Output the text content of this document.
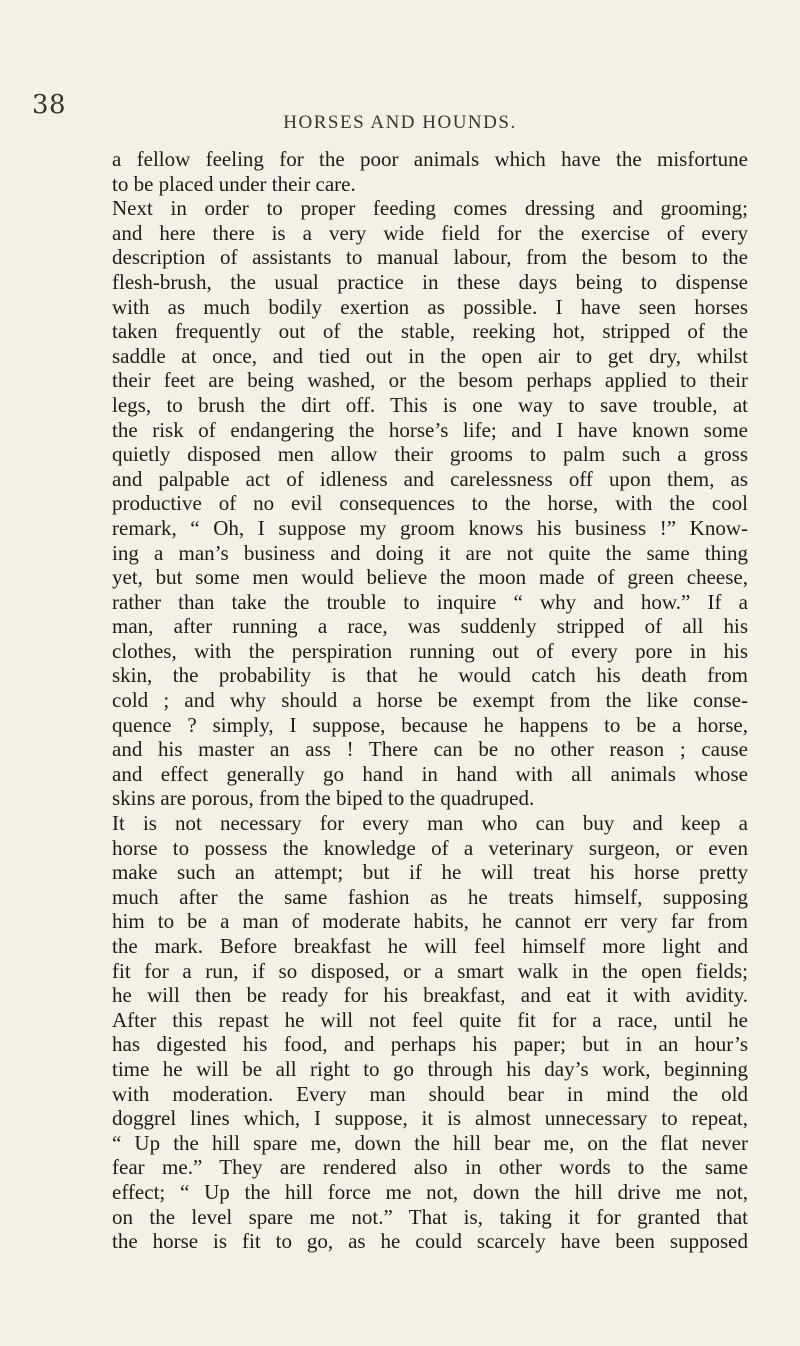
38
HORSES AND HOUNDS.
a fellow feeling for the poor animals which have the misfortune
to be placed under their care.
Next in order to proper feeding comes dressing and grooming;
and here there is a very wide field for the exercise of every
description of assistants to manual labour, from the besom to the
flesh-brush, the usual practice in these days being to dispense
with as much bodily exertion as possible. I have seen horses
taken frequently out of the stable, reeking hot, stripped of the
saddle at once, and tied out in the open air to get dry, whilst
their feet are being washed, or the besom perhaps applied to their
legs, to brush the dirt off. This is one way to save trouble, at
the risk of endangering the horse’s life; and I have known some
quietly disposed men allow their grooms to palm such a gross
and palpable act of idleness and carelessness off upon them, as
productive of no evil consequences to the horse, with the cool
remark, “ Oh, I suppose my groom knows his business !” Know-
ing a man’s business and doing it are not quite the same thing
yet, but some men would believe the moon made of green cheese,
rather than take the trouble to inquire “ why and how.” If a
man, after running a race, was suddenly stripped of all his
clothes, with the perspiration running out of every pore in his
skin, the probability is that he would catch his death from
cold ; and why should a horse be exempt from the like conse-
quence ? simply, I suppose, because he happens to be a horse,
and his master an ass ! There can be no other reason ; cause
and effect generally go hand in hand with all animals whose
skins are porous, from the biped to the quadruped.
It is not necessary for every man who can buy and keep a
horse to possess the knowledge of a veterinary surgeon, or even
make such an attempt; but if he will treat his horse pretty
much after the same fashion as he treats himself, supposing
him to be a man of moderate habits, he cannot err very far from
the mark. Before breakfast he will feel himself more light and
fit for a run, if so disposed, or a smart walk in the open fields;
he will then be ready for his breakfast, and eat it with avidity.
After this repast he will not feel quite fit for a race, until he
has digested his food, and perhaps his paper; but in an hour’s
time he will be all right to go through his day’s work, beginning
with moderation. Every man should bear in mind the old
doggrel lines which, I suppose, it is almost unnecessary to repeat,
“ Up the hill spare me, down the hill bear me, on the flat never
fear me.” They are rendered also in other words to the same
effect; “ Up the hill force me not, down the hill drive me not,
on the level spare me not.” That is, taking it for granted that
the horse is fit to go, as he could scarcely have been supposed
